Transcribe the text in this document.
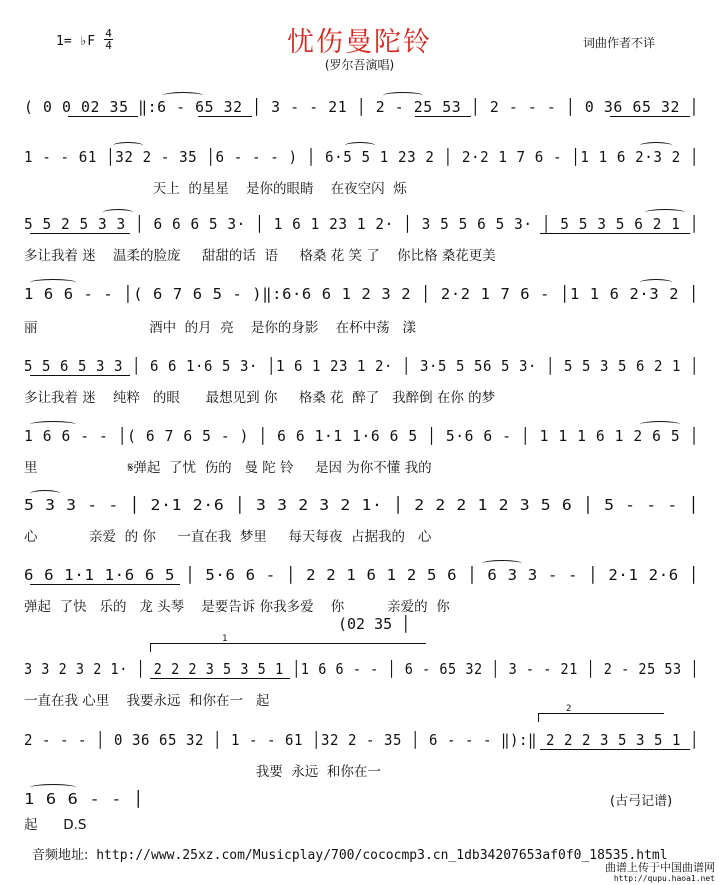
忧伤曼陀铃
(罗尔吾演唱)
1= ♭F
4
4	词曲作者不详
( 0 0 02 35 ‖:6 - 65 32 │ 3 - - 21 │ 2 - 25 53 │ 2 - - - │ 0 36 65 32 │
1 - - 61 │32 2 - 35 │6 - - - ) │ 6·5 5 1 23 2 │ 2·2 1 7 6 - │1 1 6 2·3 2 │
天上  的星星    是你的眼睛    在夜空闪  烁
5 5 2 5 3 3 │ 6 6 6 5 3· │ 1 6 1 23 1 2· │ 3 5 5 6 5 3· │ 5 5 3 5 6 2 1 │
多让我着 迷    温柔的脸庞     甜甜的话  语     格桑 花 笑 了    你比格 桑花更美
1 6 6 - - │( 6 7 6 5 - )‖:6·6 6 1 2 3 2 │ 2·2 1 7 6 - │1 1 6 2·3 2 │
丽                          酒中  的月  亮    是你的身影    在杯中荡   漾
5 5 6 5 3 3 │ 6 6 1·6 5 3· │1 6 1 23 1 2· │ 3·5 5 56 5 3· │ 5 5 3 5 6 2 1 │
多让我着 迷    纯粹   的眼      最想见到 你     格桑 花  醉了   我醉倒 在你 的梦
1 6 6 - - │( 6 7 6 5 - ) │ 6 6 1·1 1·6 6 5 │ 5·6 6 - │ 1 1 1 6 1 2 6 5 │
里                     𝄋弹起  了忧  伤的   曼 陀 铃     是因 为你不懂 我的
5 3 3 - - │ 2·1 2·6 │ 3 3 2 3 2 1· │ 2 2 2 1 2 3 5 6 │ 5 - - - │
心            亲爱  的 你     一直在我  梦里     每天每夜  占据我的   心
6 6 1·1 1·6 6 5 │ 5·6 6 - │ 2 2 1 6 1 2 5 6 │ 6 3 3 - - │ 2·1 2·6 │
弹起  了快   乐的   龙 头琴    是要告诉 你我多爱    你          亲爱的  你
(02 35 │
1
3 3 2 3 2 1· │ 2 2 2 3 5 3 5 1 │1 6 6 - - │ 6 - 65 32 │ 3 - - 21 │ 2 - 25 53 │
一直在我 心里    我要永远  和你在一   起	2
2 - - - │ 0 36 65 32 │ 1 - - 61 │32 2 - 35 │ 6 - - - ‖):‖ 2 2 2 3 5 3 5 1 │
我要  永远  和你在一
1 6 6 - - │
起      D.S
(古弓记谱)
音频地址: http://www.25xz.com/Musicplay/700/cococmp3.cn_1db34207653af0f0_18535.html
曲谱上传于中国曲谱网
http://qupu.haoa1.net
